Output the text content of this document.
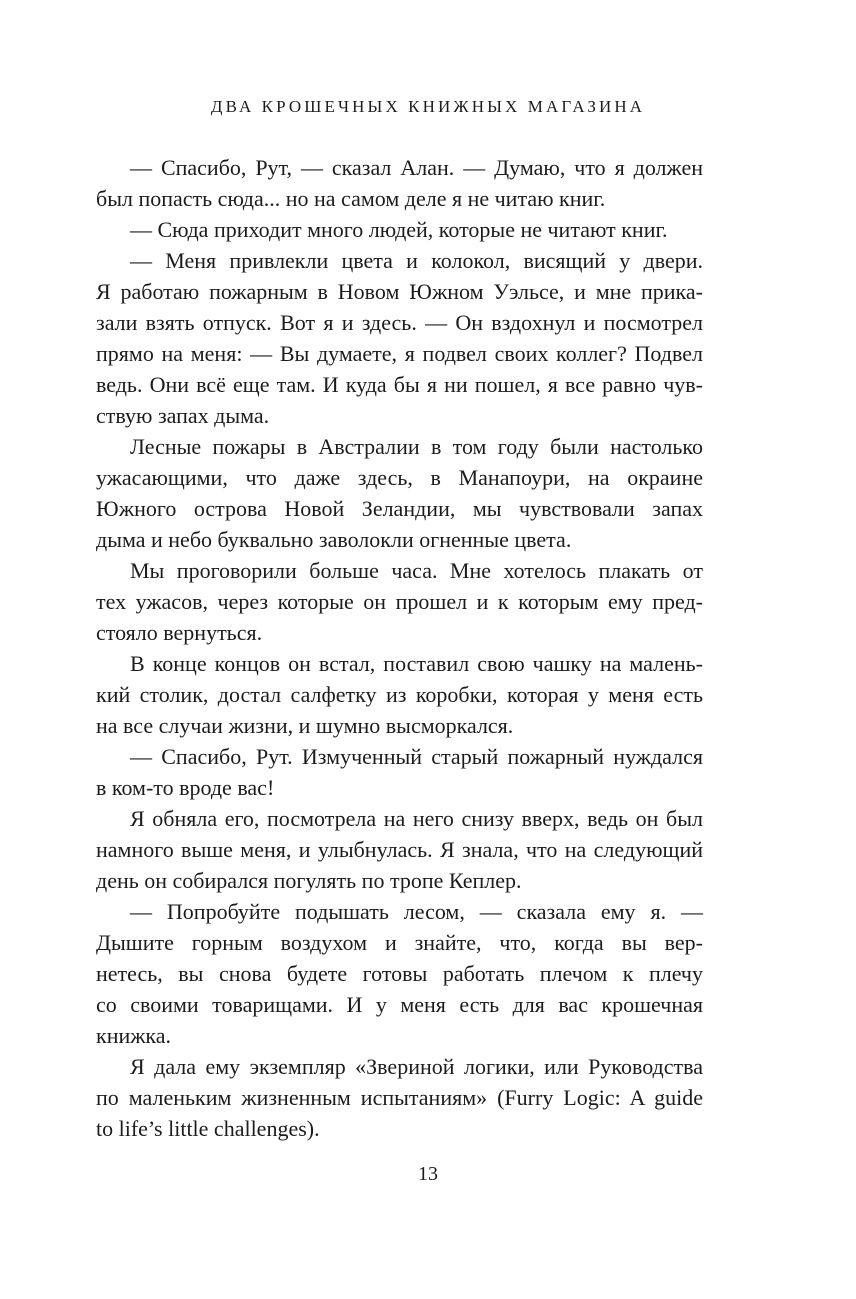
ДВА КРОШЕЧНЫХ КНИЖНЫХ МАГАЗИНА
— Спасибо, Рут, — сказал Алан. — Думаю, что я должен
был попасть сюда... но на самом деле я не читаю книг.
— Сюда приходит много людей, которые не читают книг.
— Меня привлекли цвета и колокол, висящий у двери.
Я работаю пожарным в Новом Южном Уэльсе, и мне прика-
зали взять отпуск. Вот я и здесь. — Он вздохнул и посмотрел
прямо на меня: — Вы думаете, я подвел своих коллег? Подвел
ведь. Они всё еще там. И куда бы я ни пошел, я все равно чув-
ствую запах дыма.
Лесные пожары в Австралии в том году были настолько
ужасающими, что даже здесь, в Манапоури, на окраине
Южного острова Новой Зеландии, мы чувствовали запах
дыма и небо буквально заволокли огненные цвета.
Мы проговорили больше часа. Мне хотелось плакать от
тех ужасов, через которые он прошел и к которым ему пред-
стояло вернуться.
В конце концов он встал, поставил свою чашку на малень-
кий столик, достал салфетку из коробки, которая у меня есть
на все случаи жизни, и шумно высморкался.
— Спасибо, Рут. Измученный старый пожарный нуждался
в ком-то вроде вас!
Я обняла его, посмотрела на него снизу вверх, ведь он был
намного выше меня, и улыбнулась. Я знала, что на следующий
день он собирался погулять по тропе Кеплер.
— Попробуйте подышать лесом, — сказала ему я. —
Дышите горным воздухом и знайте, что, когда вы вер-
нетесь, вы снова будете готовы работать плечом к плечу
со своими товарищами. И у меня есть для вас крошечная
книжка.
Я дала ему экземпляр «Звериной логики, или Руководства
по маленьким жизненным испытаниям» (Furry Logic: A guide
to life’s little challenges).
13
